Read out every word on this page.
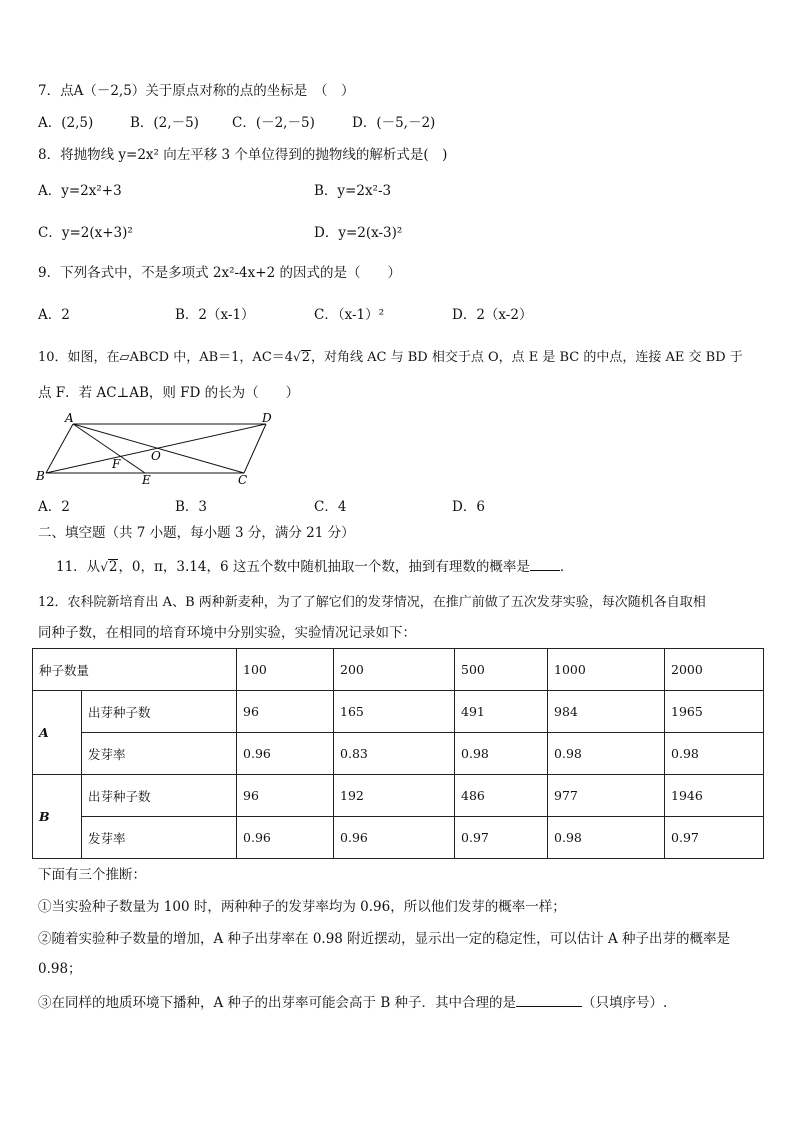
7．点A（－2,5）关于原点对称的点的坐标是　（　）
A．(2,5)	B．(2,－5) C．(－2,－5)	D．(－5,－2)
8．将抛物线 y=2x² 向左平移 3 个单位得到的抛物线的解析式是(　)
A．y=2x²+3	B．y=2x²-3
C．y=2(x+3)²	D．y=2(x-3)²
9．下列各式中，不是多项式 2x²-4x+2 的因式的是（　　）
A．2	B．2（x-1）	C．（x-1）²	D．2（x-2）
10．如图，在▱ABCD 中，AB＝1，AC＝4√2，对角线 AC 与 BD 相交于点 O，点 E 是 BC 的中点，连接 AE 交 BD 于
点 F．若 AC⊥AB，则 FD 的长为（　　）
A	D
B	C
E
F
O
A．2	B．3	C．4	D．6
二、填空题（共 7 小题，每小题 3 分，满分 21 分）
11．从√2，0，π，3.14，6 这五个数中随机抽取一个数，抽到有理数的概率是 ．
12．农科院新培育出 A、B 两种新麦种，为了了解它们的发芽情况，在推广前做了五次发芽实验，每次随机各自取相
同种子数，在相同的培育环境中分别实验，实验情况记录如下：
种子数量		100	200	500	1000	2000
A	出芽种子数	96	165	491	984	1965
	发芽率	0.96	0.83	0.98	0.98	0.98
B	出芽种子数	96	192	486	977	1946
	发芽率	0.96	0.96	0.97	0.98	0.97
下面有三个推断：
①当实验种子数量为 100 时，两种种子的发芽率均为 0.96，所以他们发芽的概率一样；
②随着实验种子数量的增加，A 种子出芽率在 0.98 附近摆动，显示出一定的稳定性，可以估计 A 种子出芽的概率是
0.98；
③在同样的地质环境下播种，A 种子的出芽率可能会高于 B 种子．其中合理的是	（只填序号）.
